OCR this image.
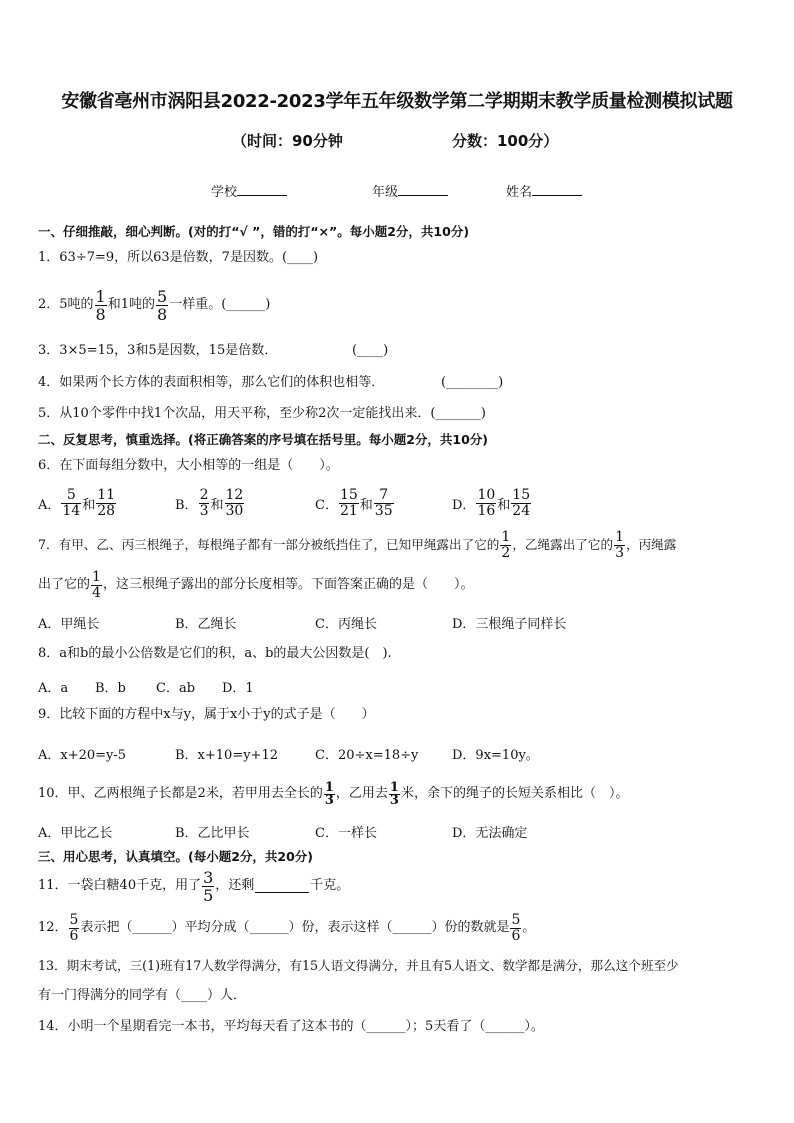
安徽省亳州市涡阳县2022-2023学年五年级数学第二学期期末教学质量检测模拟试题
（时间：90分钟	分数：100分）
学校	年级	姓名
一、仔细推敲，细心判断。(对的打“√ ”，错的打“×”。每小题2分，共10分)
1．63÷7=9，所以63是倍数，7是因数。(____)
2．5吨的 $\frac{1}{8}$ 和1吨的 $\frac{5}{8}$ 一样重。(______)
3．3×5=15，3和5是因数，15是倍数．	(____)
4．如果两个长方体的表面积相等，那么它们的体积也相等．	(________)
5．从10个零件中找1个次品，用天平称，至少称2次一定能找出来．(_______)
二、反复思考，慎重选择。(将正确答案的序号填在括号里。每小题2分，共10分)
6．在下面每组分数中，大小相等的一组是（　　）。
A． $\frac{5}{14}$ 和 $\frac{11}{28}$	B． $\frac{2}{3}$ 和 $\frac{12}{30}$	C． $\frac{15}{21}$ 和 $\frac{7}{35}$	D． $\frac{10}{16}$ 和 $\frac{15}{24}$
7．有甲、乙、丙三根绳子，每根绳子都有一部分被纸挡住了，已知甲绳露出了它的 $\frac{1}{2}$ ，乙绳露出了它的 $\frac{1}{3}$ ，丙绳露
出了它的 $\frac{1}{4}$ ，这三根绳子露出的部分长度相等。下面答案正确的是（　　）。
A．甲绳长	B．乙绳长	C．丙绳长	D．三根绳子同样长
8．a和b的最小公倍数是它们的积，a、b的最大公因数是(　).
A．a B．b C．ab D．1
9．比较下面的方程中x与y，属于x小于y的式子是（　　）
A．x+20=y-5	B．x+10=y+12	C．20÷x=18÷y	D．9x=10y。
10．甲、乙两根绳子长都是2米，若甲用去全长的 $\frac{1}{3}$ ，乙用去 $\frac{1}{3}$ 米，余下的绳子的长短关系相比（　）。
A．甲比乙长	B．乙比甲长	C．一样长	D．无法确定
三、用心思考，认真填空。(每小题2分，共20分)
11．一袋白糖40千克，用了 $\frac{3}{5}$ ，还剩	千克。
12． $\frac{5}{6}$ 表示把（______）平均分成（______）份，表示这样（______）份的数就是 $\frac{5}{6}$ 。
13．期末考试，三(1)班有17人数学得满分，有15人语文得满分，并且有5人语文、数学都是满分，那么这个班至少
有一门得满分的同学有（____）人．
14．小明一个星期看完一本书，平均每天看了这本书的（______）；5天看了（______）。
